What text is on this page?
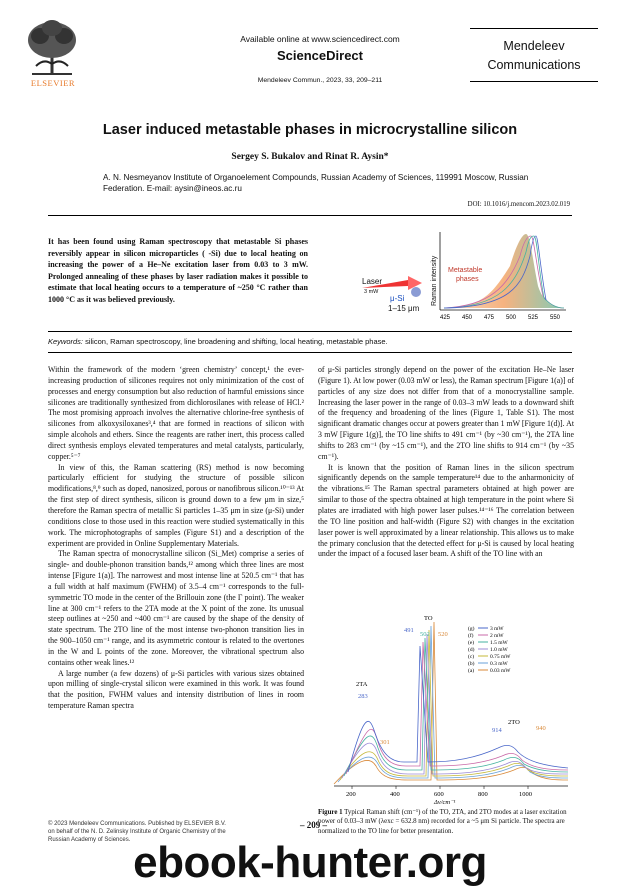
ELSEVIER
Available online at www.sciencedirect.com
ScienceDirect
Mendeleev Commun., 2023, 33, 209–211
Mendeleev
Communications
Laser induced metastable phases in microcrystalline silicon
Sergey S. Bukalov and Rinat R. Aysin*
A. N. Nesmeyanov Institute of Organoelement Compounds, Russian Academy of Sciences, 119991 Moscow, Russian Federation. E-mail: aysin@ineos.ac.ru
DOI: 10.1016/j.mencom.2023.02.019
It has been found using Raman spectroscopy that metastable Si phases reversibly appear in silicon microparticles ( -Si) due to local heating on increasing the power of a He–Ne excitation laser from 0.03 to 3 mW. Prolonged annealing of these phases by laser radiation makes it possible to estimate that local heating occurs to a temperature of ~250 °C rather than 1000 °C as it was believed previously.
Laser
3 mW
μ-Si
1–15 μm
Raman intensity Metastable
phases
425 450 475 500 525 550
Keywords: silicon, Raman spectroscopy, line broadening and shifting, local heating, metastable phase.

Within the framework of the modern ‘green chemistry’ concept,¹ the ever-increasing production of silicones requires not only minimization of the cost of processes and energy consumption but also reduction of harmful emissions since silicones are traditionally synthesized from dichlorosilanes with release of HCl.² The most promising approach involves the alternative chlorine-free synthesis of silicones from alkoxysiloxanes³,⁴ that are formed in reactions of silicon with simple alcohols and ethers. Since the reagents are rather inert, this process called direct synthesis employs elevated temperatures and metal catalysts, particularly, copper.⁵⁻⁷

In view of this, the Raman scattering (RS) method is now becoming particularly efficient for studying the structure of possible silicon modifications,⁸,⁹ such as doped, nanosized, porous or nanofibrous silicon.¹⁰⁻¹³ At the first step of direct synthesis, silicon is ground down to a few μm in size,⁵ therefore the Raman spectra of metallic Si particles 1–35 μm in size (μ-Si) under conditions close to those used in this reaction were studied systematically in this work. The microphotographs of samples (Figure S1) and a description of the experiment are provided in Online Supplementary Materials.

The Raman spectra of monocrystalline silicon (Si_Met) comprise a series of single- and double-phonon transition bands,¹² among which three lines are most intense [Figure 1(a)]. The narrowest and most intense line at 520.5 cm⁻¹ that has a full width at half maximum (FWHM) of 3.5–4 cm⁻¹ corresponds to the full-symmetric TO mode in the center of the Brillouin zone (the Γ point). The weaker line at 300 cm⁻¹ refers to the 2TA mode at the X point of the zone. Its unusual steep outlines at ~250 and ~400 cm⁻¹ are caused by the shape of the density of state spectrum. The 2TO line of the most intense two-phonon transition lies in the 900–1050 cm⁻¹ range, and its asymmetric contour is related to the overtones in the W and L points of the zone. Moreover, the vibrational spectrum also contains other weak lines.¹²

A large number (a few dozens) of μ-Si particles with various sizes obtained upon milling of single-crystal silicon were examined in this work. It was found that the position, FWHM values and intensity distribution of lines in room temperature Raman spectra

of μ-Si particles strongly depend on the power of the excitation He–Ne laser (Figure 1). At low power (0.03 mW or less), the Raman spectrum [Figure 1(a)] of particles of any size does not differ from that of a monocrystalline sample. Increasing the laser power in the range of 0.03–3 mW leads to a downward shift of the frequency and broadening of the lines (Figure 1, Table S1). The most significant dramatic changes occur at powers greater than 1 mW [Figure 1(d)]. At 3 mW [Figure 1(g)], the TO line shifts to 491 cm⁻¹ (by ~30 cm⁻¹), the 2TA line shifts to 283 cm⁻¹ (by ~15 cm⁻¹), and the 2TO line shifts to 914 cm⁻¹ (by ~35 cm⁻¹).

It is known that the position of Raman lines in the silicon spectrum significantly depends on the sample temperature¹⁴ due to the anharmonicity of the vibrations.¹⁵ The Raman spectral parameters obtained at high power are similar to those of the spectra obtained at high temperature in the point where Si plates are irradiated with high power laser pulses.¹⁴⁻¹⁶ The correlation between the TO line position and half-width (Figure S2) with changes in the excitation laser power is well approximated by a linear relationship. This allows us to make the primary conclusion that the detected effect for μ-Si is caused by local heating under the impact of a focused laser beam. A shift of the TO line with an

200	400	600	800	1000
Δν/cm⁻¹
TO
491
502 520
2TA
283
301
2TO
914	940
(g)	3 mW
(f)	2 mW
(e)	1.5 mW
(d)	1.0 mW
(c)	0.75 mW
(b)	0.3 mW
(a)	0.03 mW
Figure 1 Typical Raman shift (cm⁻¹) of the TO, 2TA, and 2TO modes at a laser excitation power of 0.03–3 mW (λexc = 632.8 nm) recorded for a ~5 μm Si particle. The spectra are normalized to the TO line for better presentation.
© 2023 Mendeleev Communications. Published by ELSEVIER B.V.
on behalf of the N. D. Zelinsky Institute of Organic Chemistry of the
Russian Academy of Sciences.
– 209 –
ebook-hunter.org
